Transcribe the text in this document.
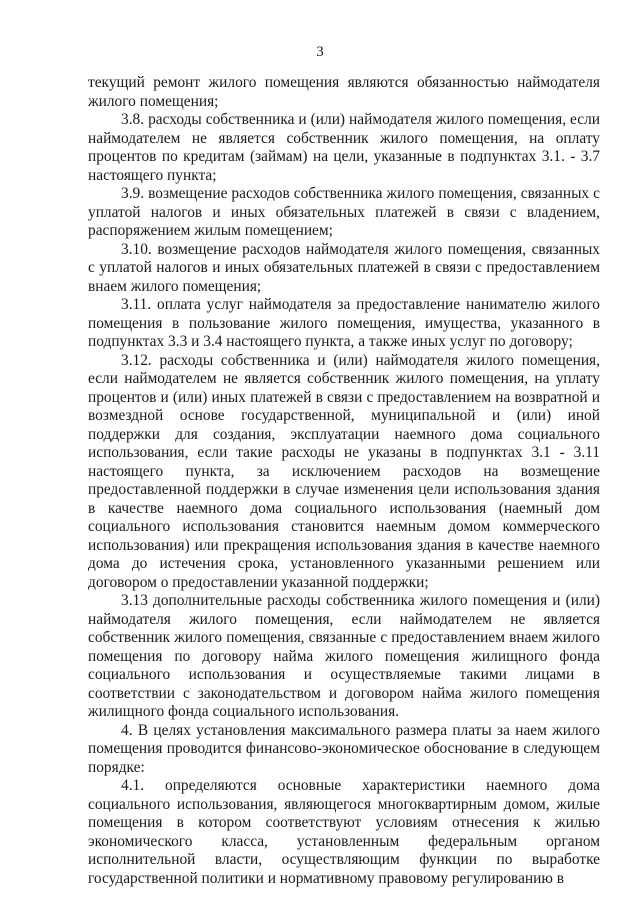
3

текущий ремонт жилого помещения являются обязанностью наймодателя жилого помещения;

3.8. расходы собственника и (или) наймодателя жилого помещения, если наймодателем не является собственник жилого помещения, на оплату процентов по кредитам (займам) на цели, указанные в подпунктах 3.1. - 3.7 настоящего пункта;

3.9. возмещение расходов собственника жилого помещения, связанных с уплатой налогов и иных обязательных платежей в связи с владением, распоряжением жилым помещением;

3.10. возмещение расходов наймодателя жилого помещения, связанных с уплатой налогов и иных обязательных платежей в связи с предоставлением внаем жилого помещения;

3.11. оплата услуг наймодателя за предоставление нанимателю жилого помещения в пользование жилого помещения, имущества, указанного в подпунктах 3.3 и 3.4 настоящего пункта, а также иных услуг по договору;

3.12. расходы собственника и (или) наймодателя жилого помещения, если наймодателем не является собственник жилого помещения, на уплату процентов и (или) иных платежей в связи с предоставлением на возвратной и возмездной основе государственной, муниципальной и (или) иной поддержки для создания, эксплуатации наемного дома социального использования, если такие расходы не указаны в подпунктах 3.1 - 3.11 настоящего пункта, за исключением расходов на возмещение предоставленной поддержки в случае изменения цели использования здания в качестве наемного дома социального использования (наемный дом социального использования становится наемным домом коммерческого использования) или прекращения использования здания в качестве наемного дома до истечения срока, установленного указанными решением или договором о предоставлении указанной поддержки;

3.13 дополнительные расходы собственника жилого помещения и (или) наймодателя жилого помещения, если наймодателем не является собственник жилого помещения, связанные с предоставлением внаем жилого помещения по договору найма жилого помещения жилищного фонда социального использования и осуществляемые такими лицами в соответствии с законодательством и договором найма жилого помещения жилищного фонда социального использования.

4. В целях установления максимального размера платы за наем жилого помещения проводится финансово-экономическое обоснование в следующем порядке:

4.1. определяются основные характеристики наемного дома социального использования, являющегося многоквартирным домом, жилые помещения в котором соответствуют условиям отнесения к жилью экономического класса, установленным федеральным органом исполнительной власти, осуществляющим функции по выработке государственной политики и нормативному правовому регулированию в
